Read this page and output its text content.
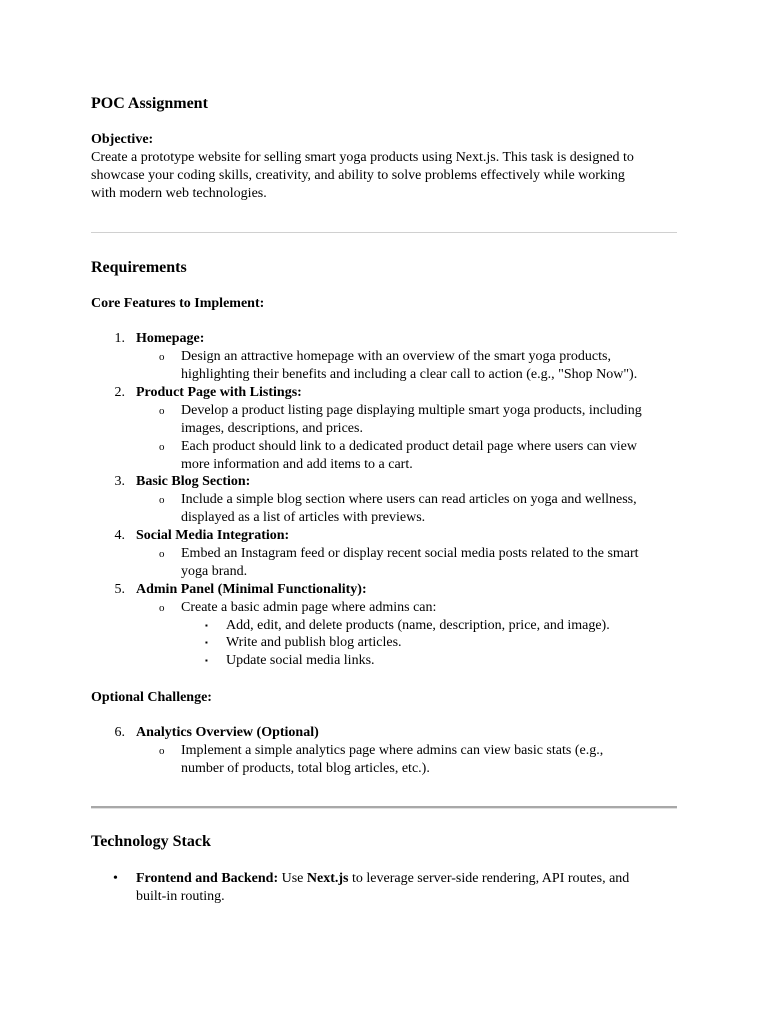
POC Assignment
Objective:
Create a prototype website for selling smart yoga products using Next.js. This task is designed to
showcase your coding skills, creativity, and ability to solve problems effectively while working
with modern web technologies.
Requirements
Core Features to Implement:
1. Homepage:
o Design an attractive homepage with an overview of the smart yoga products,
highlighting their benefits and including a clear call to action (e.g., "Shop Now").
2. Product Page with Listings:
o Develop a product listing page displaying multiple smart yoga products, including
images, descriptions, and prices.
o Each product should link to a dedicated product detail page where users can view
more information and add items to a cart.
3. Basic Blog Section:
o Include a simple blog section where users can read articles on yoga and wellness,
displayed as a list of articles with previews.
4. Social Media Integration:
o Embed an Instagram feed or display recent social media posts related to the smart
yoga brand.
5. Admin Panel (Minimal Functionality):
o Create a basic admin page where admins can:
▪ Add, edit, and delete products (name, description, price, and image).
▪ Write and publish blog articles.
▪ Update social media links.
Optional Challenge:
6. Analytics Overview (Optional)
o Implement a simple analytics page where admins can view basic stats (e.g.,
number of products, total blog articles, etc.).
Technology Stack
• Frontend and Backend: Use Next.js to leverage server-side rendering, API routes, and
built-in routing.
